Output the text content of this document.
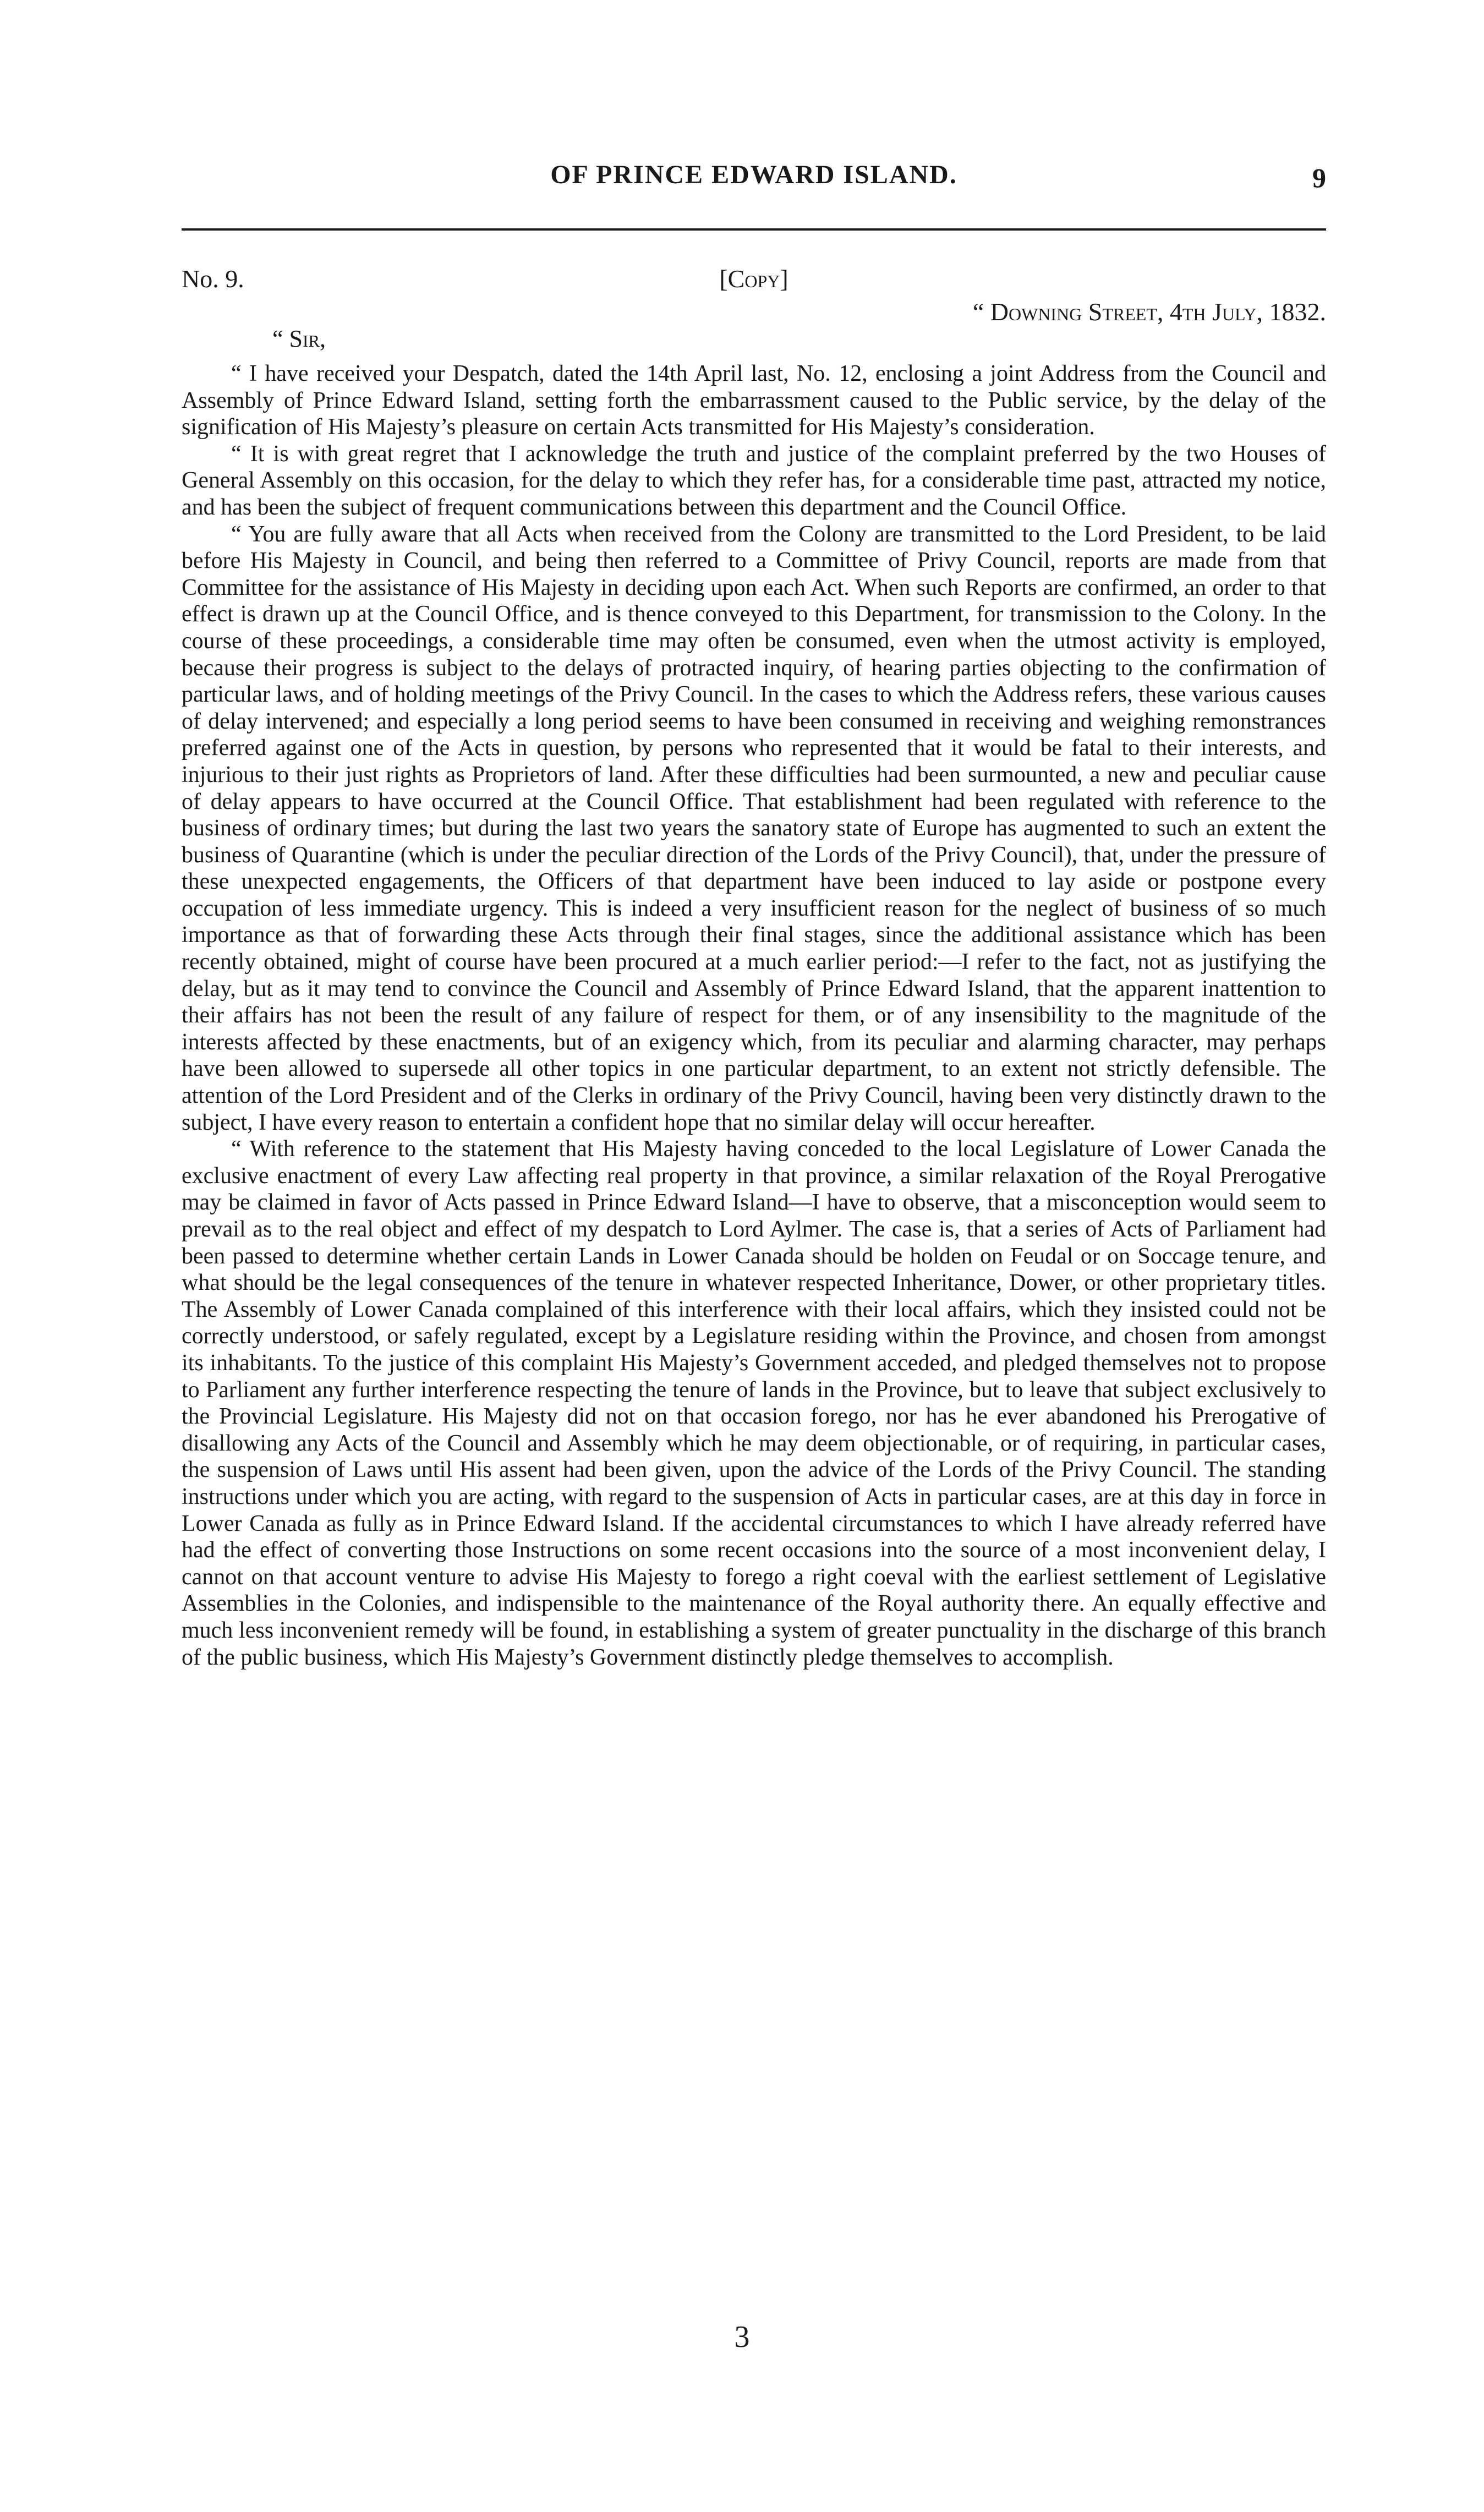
OF PRINCE EDWARD ISLAND.	9
No. 9.	[Copy]
“ Downing Street, 4th July, 1832.
“ Sir,

“ I have received your Despatch, dated the 14th April last, No. 12, enclosing a joint Address from the Council and Assembly of Prince Edward Island, setting forth the embarrassment caused to the Public service, by the delay of the signification of His Majesty’s pleasure on certain Acts transmitted for His Majesty’s consideration.

“ It is with great regret that I acknowledge the truth and justice of the complaint preferred by the two Houses of General Assembly on this occasion, for the delay to which they refer has, for a considerable time past, attracted my notice, and has been the subject of frequent communications between this department and the Council Office.

“ You are fully aware that all Acts when received from the Colony are transmitted to the Lord President, to be laid before His Majesty in Council, and being then referred to a Committee of Privy Council, reports are made from that Committee for the assistance of His Majesty in deciding upon each Act. When such Reports are confirmed, an order to that effect is drawn up at the Council Office, and is thence conveyed to this Department, for transmission to the Colony. In the course of these proceedings, a considerable time may often be consumed, even when the utmost activity is employed, because their progress is subject to the delays of protracted inquiry, of hearing parties objecting to the confirmation of particular laws, and of holding meetings of the Privy Council. In the cases to which the Address refers, these various causes of delay intervened; and especially a long period seems to have been consumed in receiving and weighing remonstrances preferred against one of the Acts in question, by persons who represented that it would be fatal to their interests, and injurious to their just rights as Proprietors of land. After these difficulties had been surmounted, a new and peculiar cause of delay appears to have occurred at the Council Office. That establishment had been regulated with reference to the business of ordinary times; but during the last two years the sanatory state of Europe has augmented to such an extent the business of Quarantine (which is under the peculiar direction of the Lords of the Privy Council), that, under the pressure of these unexpected engagements, the Officers of that department have been induced to lay aside or postpone every occupation of less immediate urgency. This is indeed a very insufficient reason for the neglect of business of so much importance as that of forwarding these Acts through their final stages, since the additional assistance which has been recently obtained, might of course have been procured at a much earlier period:—I refer to the fact, not as justifying the delay, but as it may tend to convince the Council and Assembly of Prince Edward Island, that the apparent inattention to their affairs has not been the result of any failure of respect for them, or of any insensibility to the magnitude of the interests affected by these enactments, but of an exigency which, from its peculiar and alarming character, may perhaps have been allowed to supersede all other topics in one particular department, to an extent not strictly defensible. The attention of the Lord President and of the Clerks in ordinary of the Privy Council, having been very distinctly drawn to the subject, I have every reason to entertain a confident hope that no similar delay will occur hereafter.

“ With reference to the statement that His Majesty having conceded to the local Legislature of Lower Canada the exclusive enactment of every Law affecting real property in that province, a similar relaxation of the Royal Prerogative may be claimed in favor of Acts passed in Prince Edward Island—I have to observe, that a misconception would seem to prevail as to the real object and effect of my despatch to Lord Aylmer. The case is, that a series of Acts of Parliament had been passed to determine whether certain Lands in Lower Canada should be holden on Feudal or on Soccage tenure, and what should be the legal consequences of the tenure in whatever respected Inheritance, Dower, or other proprietary titles. The Assembly of Lower Canada complained of this interference with their local affairs, which they insisted could not be correctly understood, or safely regulated, except by a Legislature residing within the Province, and chosen from amongst its inhabitants. To the justice of this complaint His Majesty’s Government acceded, and pledged themselves not to propose to Parliament any further interference respecting the tenure of lands in the Province, but to leave that subject exclusively to the Provincial Legislature. His Majesty did not on that occasion forego, nor has he ever abandoned his Prerogative of disallowing any Acts of the Council and Assembly which he may deem objectionable, or of requiring, in particular cases, the suspension of Laws until His assent had been given, upon the advice of the Lords of the Privy Council. The standing instructions under which you are acting, with regard to the suspension of Acts in particular cases, are at this day in force in Lower Canada as fully as in Prince Edward Island. If the accidental circumstances to which I have already referred have had the effect of converting those Instructions on some recent occasions into the source of a most inconvenient delay, I cannot on that account venture to advise His Majesty to forego a right coeval with the earliest settlement of Legislative Assemblies in the Colonies, and indispensible to the maintenance of the Royal authority there. An equally effective and much less inconvenient remedy will be found, in establishing a system of greater punctuality in the discharge of this branch of the public business, which His Majesty’s Government distinctly pledge themselves to accomplish.

3
